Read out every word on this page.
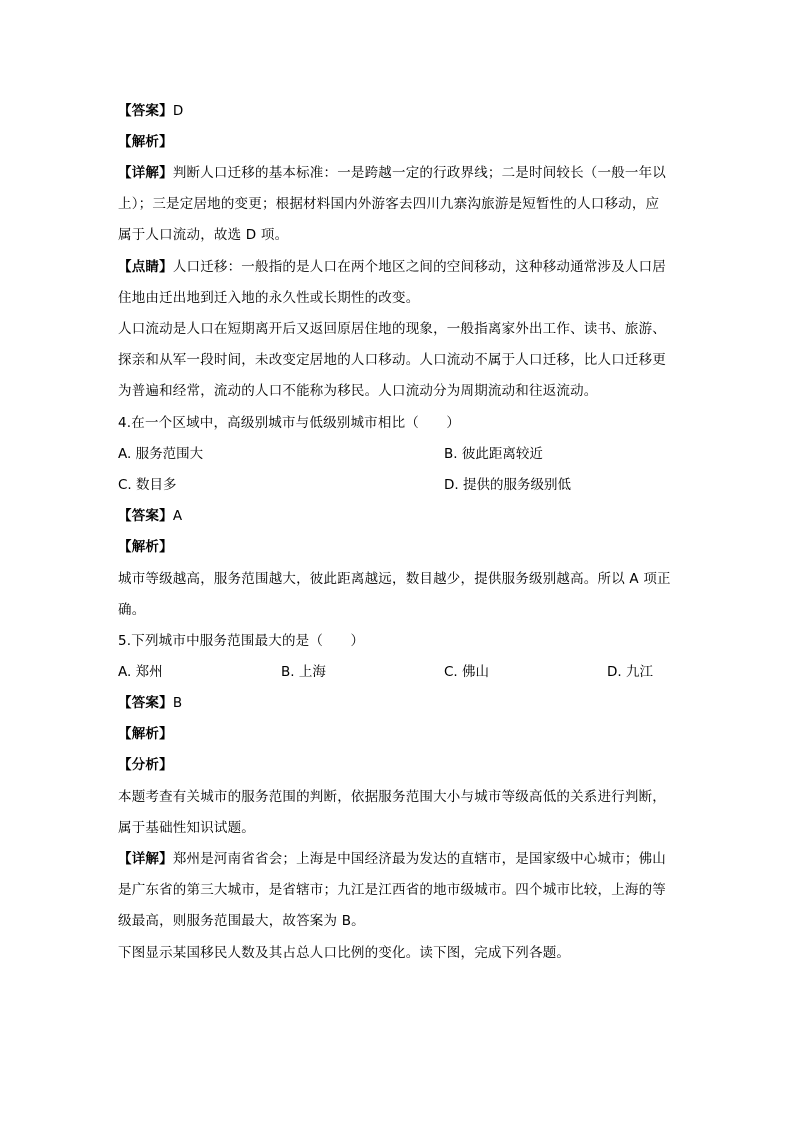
【答案】D
【解析】
【详解】判断人口迁移的基本标准：一是跨越一定的行政界线；二是时间较长（一般一年以
上）；三是定居地的变更；根据材料国内外游客去四川九寨沟旅游是短暂性的人口移动，应
属于人口流动，故选 D 项。
【点睛】人口迁移：一般指的是人口在两个地区之间的空间移动，这种移动通常涉及人口居
住地由迁出地到迁入地的永久性或长期性的改变。
人口流动是人口在短期离开后又返回原居住地的现象，一般指离家外出工作、读书、旅游、
探亲和从军一段时间，未改变定居地的人口移动。人口流动不属于人口迁移，比人口迁移更
为普遍和经常，流动的人口不能称为移民。人口流动分为周期流动和往返流动。
4.在一个区域中，高级别城市与低级别城市相比（　　）
A. 服务范围大	B. 彼此距离较近
C. 数目多	D. 提供的服务级别低
【答案】A
【解析】
城市等级越高，服务范围越大，彼此距离越远，数目越少，提供服务级别越高。所以 A 项正
确。
5.下列城市中服务范围最大的是（　　）
A. 郑州	B. 上海	C. 佛山	D. 九江
【答案】B
【解析】
【分析】
本题考查有关城市的服务范围的判断，依据服务范围大小与城市等级高低的关系进行判断，
属于基础性知识试题。
【详解】郑州是河南省省会；上海是中国经济最为发达的直辖市，是国家级中心城市；佛山
是广东省的第三大城市，是省辖市；九江是江西省的地市级城市。四个城市比较，上海的等
级最高，则服务范围最大，故答案为 B。
下图显示某国移民人数及其占总人口比例的变化。读下图，完成下列各题。
